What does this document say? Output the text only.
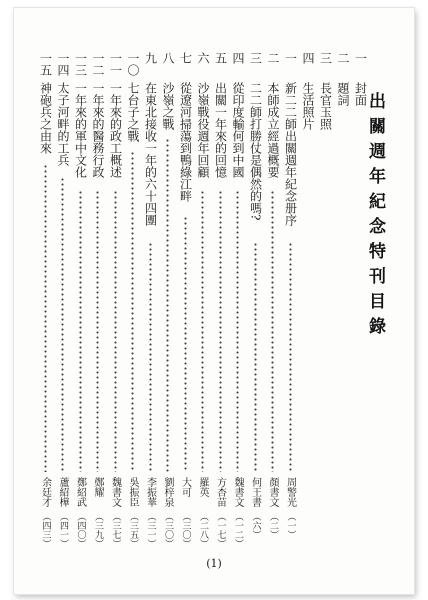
出關週年紀念特刊目錄
一
封面
二
題詞
三
長官玉照
四
生活照片
一
新二二師出關週年紀念册序
周警光
（一）
二
本師成立經過概要
顏書文
（二）
三
二二師打勝仗是偶然的嗎?
何王書
（六）
四
從印度輸何到中國
魏書文
（一二）
五
出關一年來的回憶
方杏苗
（一七）
六
沙嶺戰役週年回顧
羅英
（二八）
七
從遼河掃蕩到鴨綠江畔
大可
（三〇）
八
沙嶺之戰
劉梓泉
（三〇）
九
在東北接收一年的六十四團
李振華
（三一）
一〇
七台子之戰
吳振臣
（三五）
一一
一年來的政工概述
魏書文
（三七）
一二
一年來的醫務行政
鄭耀
（三九）
一三
一年來的軍中文化
鄭紹武
（四〇）
一四
太子河畔的工兵
蘆紹樺
（四一）
一五
神砲兵之由來
余廷才
（四三）
(1)
